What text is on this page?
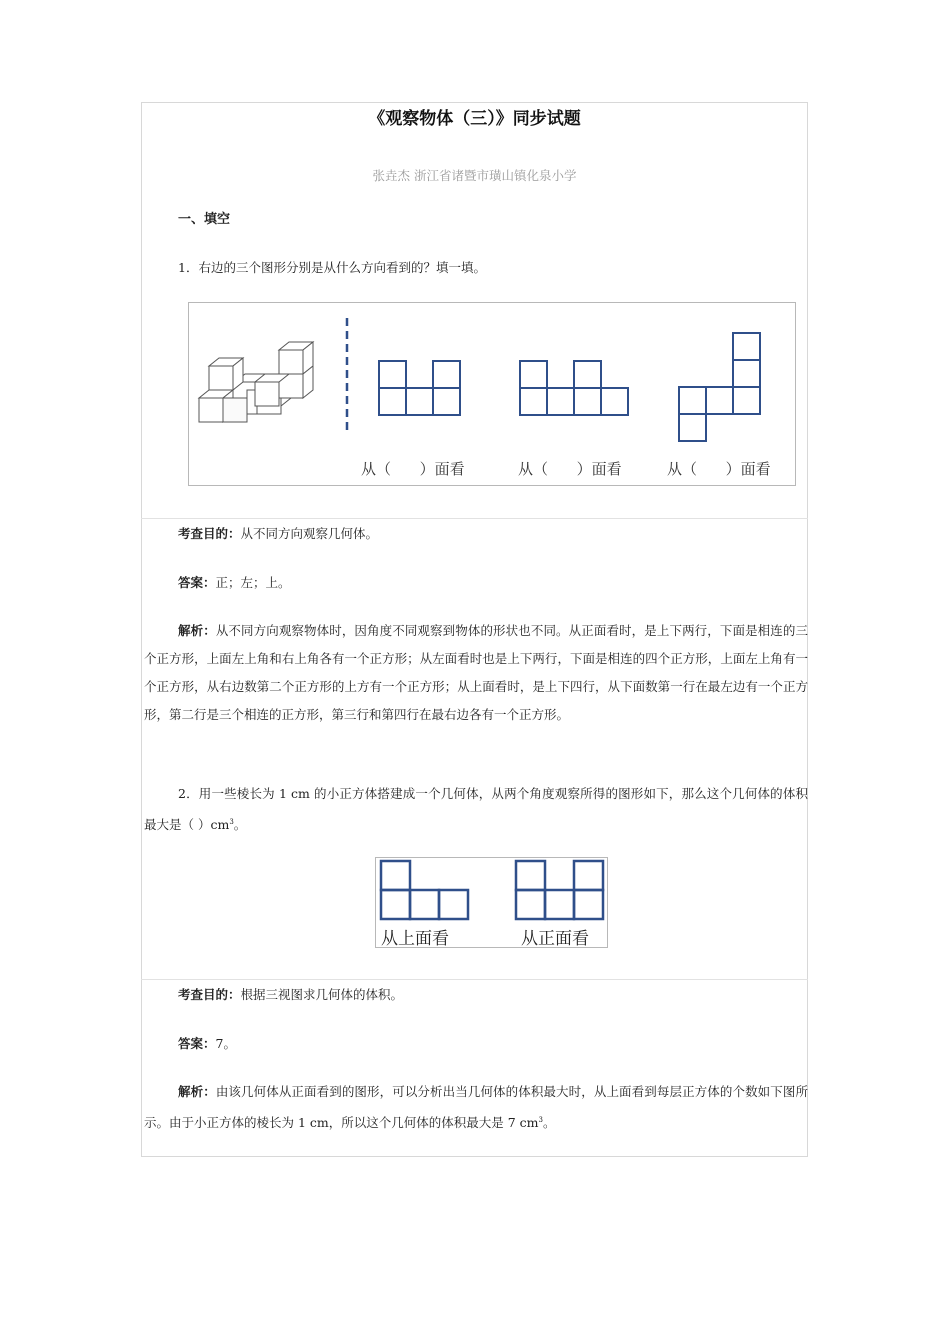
《观察物体（三）》同步试题
张垚杰 浙江省诸暨市璜山镇化泉小学
一、填空
1．右边的三个图形分别是从什么方向看到的？填一填。
从（      ）面看	从（      ）面看	从（      ）面看
考查目的：从不同方向观察几何体。
答案：正；左；上。
解析：从不同方向观察物体时，因角度不同观察到物体的形状也不同。从正面看时，是上下两行，下面是相连的三个正方形，上面左上角和右上角各有一个正方形；从左面看时也是上下两行，下面是相连的四个正方形，上面左上角有一个正方形，从右边数第二个正方形的上方有一个正方形；从上面看时，是上下四行，从下面数第一行在最左边有一个正方形，第二行是三个相连的正方形，第三行和第四行在最右边各有一个正方形。
2．用一些棱长为 1 cm 的小正方体搭建成一个几何体，从两个角度观察所得的图形如下，那么这个几何体的体积最大是（ ）$cm^3$。
从上面看	从正面看
考查目的：根据三视图求几何体的体积。
答案：7。
解析：由该几何体从正面看到的图形，可以分析出当几何体的体积最大时，从上面看到每层正方体的个数如下图所示。由于小正方体的棱长为 1 cm，所以这个几何体的体积最大是 7 $cm^3$。
